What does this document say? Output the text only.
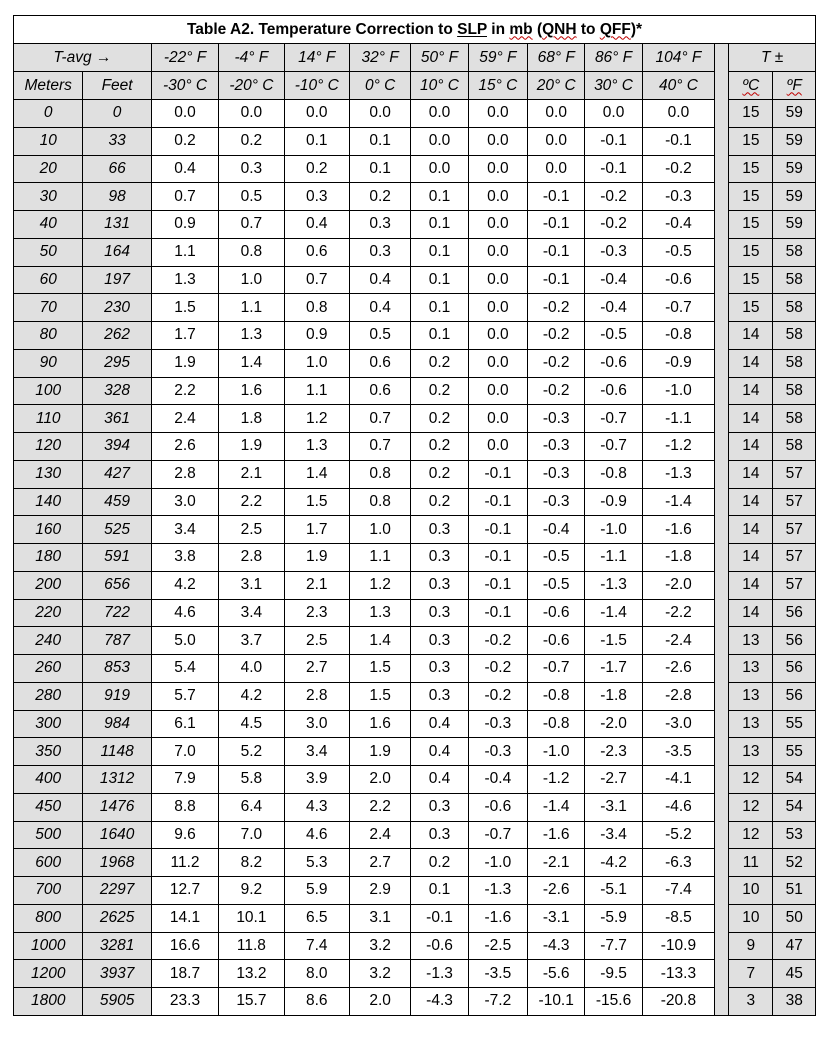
Table A2. Temperature Correction to SLP in mb (QNH to QFF)*													
T-avg →		-22° F	-4° F	14° F	32° F	50° F	59° F	68° F	86° F	104° F		T ±	
Meters	Feet	-30° C	-20° C	-10° C	0° C	10° C	15° C	20° C	30° C	40° C		ºC	ºF
0	0	0.0	0.0	0.0	0.0	0.0	0.0	0.0	0.0	0.0		15	59
10	33	0.2	0.2	0.1	0.1	0.0	0.0	0.0	-0.1	-0.1		15	59
20	66	0.4	0.3	0.2	0.1	0.0	0.0	0.0	-0.1	-0.2		15	59
30	98	0.7	0.5	0.3	0.2	0.1	0.0	-0.1	-0.2	-0.3		15	59
40	131	0.9	0.7	0.4	0.3	0.1	0.0	-0.1	-0.2	-0.4		15	59
50	164	1.1	0.8	0.6	0.3	0.1	0.0	-0.1	-0.3	-0.5		15	58
60	197	1.3	1.0	0.7	0.4	0.1	0.0	-0.1	-0.4	-0.6		15	58
70	230	1.5	1.1	0.8	0.4	0.1	0.0	-0.2	-0.4	-0.7		15	58
80	262	1.7	1.3	0.9	0.5	0.1	0.0	-0.2	-0.5	-0.8		14	58
90	295	1.9	1.4	1.0	0.6	0.2	0.0	-0.2	-0.6	-0.9		14	58
100	328	2.2	1.6	1.1	0.6	0.2	0.0	-0.2	-0.6	-1.0		14	58
110	361	2.4	1.8	1.2	0.7	0.2	0.0	-0.3	-0.7	-1.1		14	58
120	394	2.6	1.9	1.3	0.7	0.2	0.0	-0.3	-0.7	-1.2		14	58
130	427	2.8	2.1	1.4	0.8	0.2	-0.1	-0.3	-0.8	-1.3		14	57
140	459	3.0	2.2	1.5	0.8	0.2	-0.1	-0.3	-0.9	-1.4		14	57
160	525	3.4	2.5	1.7	1.0	0.3	-0.1	-0.4	-1.0	-1.6		14	57
180	591	3.8	2.8	1.9	1.1	0.3	-0.1	-0.5	-1.1	-1.8		14	57
200	656	4.2	3.1	2.1	1.2	0.3	-0.1	-0.5	-1.3	-2.0		14	57
220	722	4.6	3.4	2.3	1.3	0.3	-0.1	-0.6	-1.4	-2.2		14	56
240	787	5.0	3.7	2.5	1.4	0.3	-0.2	-0.6	-1.5	-2.4		13	56
260	853	5.4	4.0	2.7	1.5	0.3	-0.2	-0.7	-1.7	-2.6		13	56
280	919	5.7	4.2	2.8	1.5	0.3	-0.2	-0.8	-1.8	-2.8		13	56
300	984	6.1	4.5	3.0	1.6	0.4	-0.3	-0.8	-2.0	-3.0		13	55
350	1148	7.0	5.2	3.4	1.9	0.4	-0.3	-1.0	-2.3	-3.5		13	55
400	1312	7.9	5.8	3.9	2.0	0.4	-0.4	-1.2	-2.7	-4.1		12	54
450	1476	8.8	6.4	4.3	2.2	0.3	-0.6	-1.4	-3.1	-4.6		12	54
500	1640	9.6	7.0	4.6	2.4	0.3	-0.7	-1.6	-3.4	-5.2		12	53
600	1968	11.2	8.2	5.3	2.7	0.2	-1.0	-2.1	-4.2	-6.3		11	52
700	2297	12.7	9.2	5.9	2.9	0.1	-1.3	-2.6	-5.1	-7.4		10	51
800	2625	14.1	10.1	6.5	3.1	-0.1	-1.6	-3.1	-5.9	-8.5		10	50
1000	3281	16.6	11.8	7.4	3.2	-0.6	-2.5	-4.3	-7.7	-10.9		9	47
1200	3937	18.7	13.2	8.0	3.2	-1.3	-3.5	-5.6	-9.5	-13.3		7	45
1800	5905	23.3	15.7	8.6	2.0	-4.3	-7.2	-10.1	-15.6	-20.8		3	38
